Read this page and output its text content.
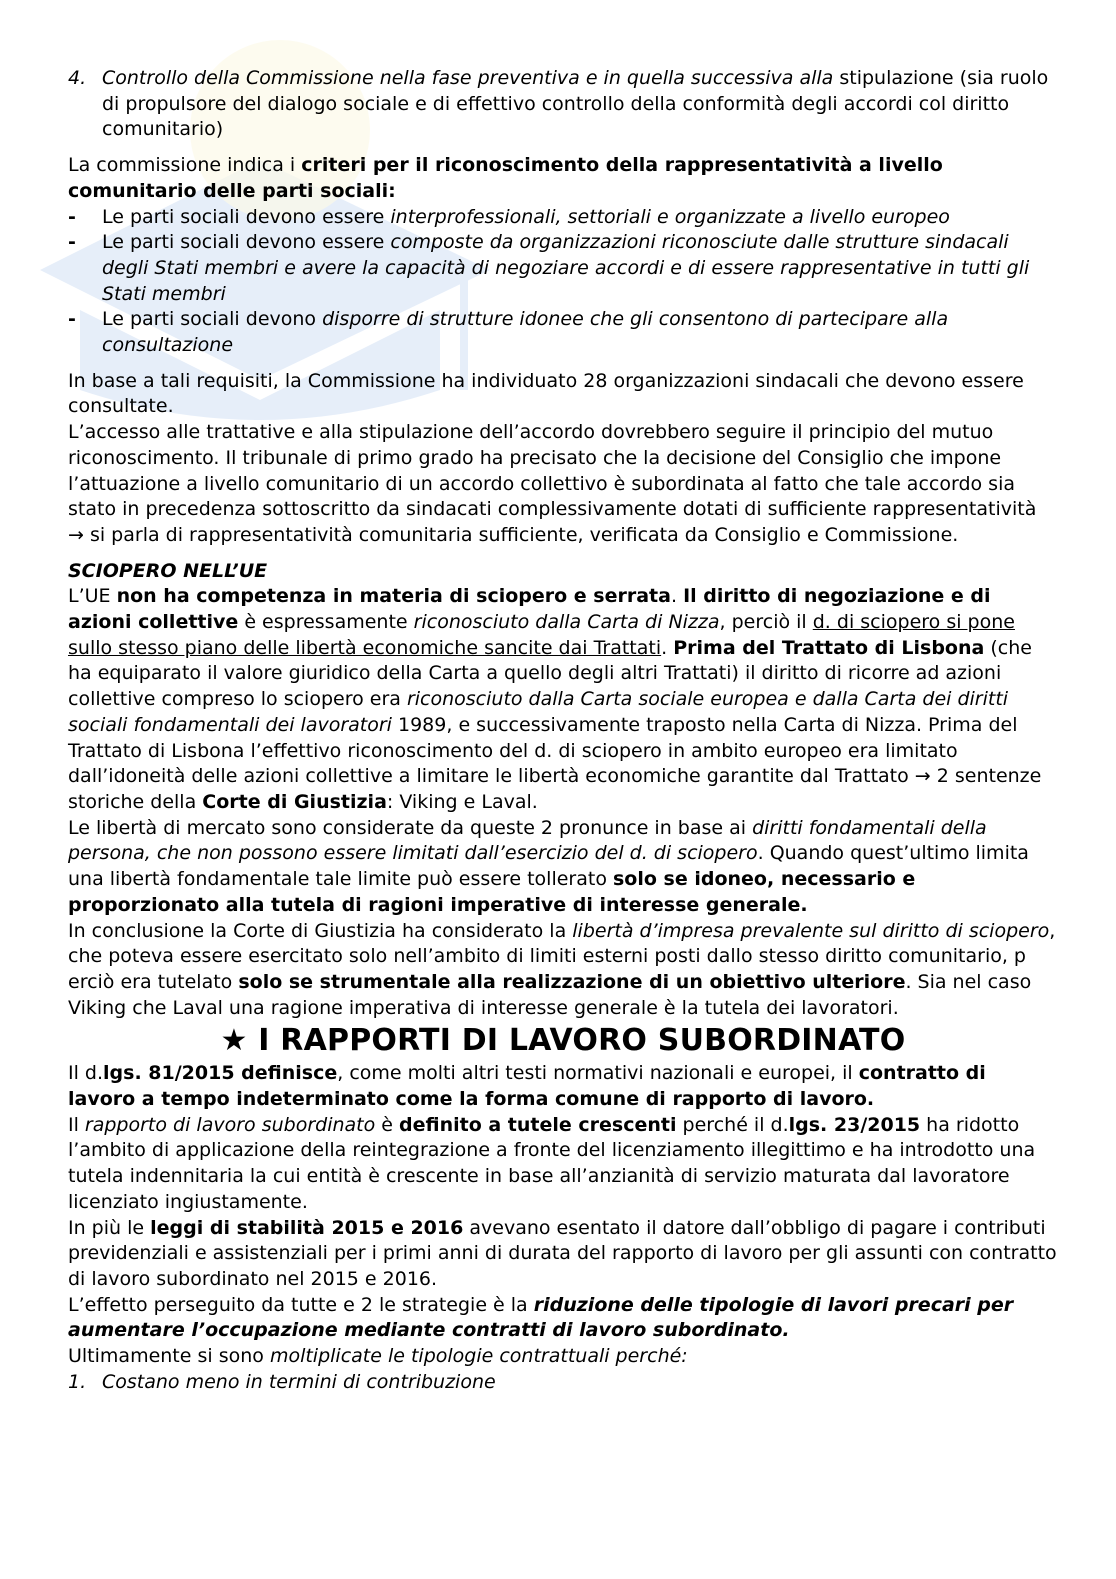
4. Controllo della Commissione nella fase preventiva e in quella successiva alla stipulazione (sia ruolo di propulsore del dialogo sociale e di effettivo controllo della conformità degli accordi col diritto comunitario)

La commissione indica i criteri per il riconoscimento della rappresentatività a livello comunitario delle parti sociali:

-	Le parti sociali devono essere interprofessionali, settoriali e organizzate a livello europeo
-	Le parti sociali devono essere composte da organizzazioni riconosciute dalle strutture sindacali degli Stati membri e avere la capacità di negoziare accordi e di essere rappresentative in tutti gli Stati membri
-	Le parti sociali devono disporre di strutture idonee che gli consentono di partecipare alla consultazione

In base a tali requisiti, la Commissione ha individuato 28 organizzazioni sindacali che devono essere consultate.

L’accesso alle trattative e alla stipulazione dell’accordo dovrebbero seguire il principio del mutuo riconoscimento. Il tribunale di primo grado ha precisato che la decisione del Consiglio che impone l’attuazione a livello comunitario di un accordo collettivo è subordinata al fatto che tale accordo sia stato in precedenza sottoscritto da sindacati complessivamente dotati di sufficiente rappresentatività → si parla di rappresentatività comunitaria sufficiente, verificata da Consiglio e Commissione.

SCIOPERO NELL’UE

L’UE non ha competenza in materia di sciopero e serrata. Il diritto di negoziazione e di azioni collettive è espressamente riconosciuto dalla Carta di Nizza, perciò il d. di sciopero si pone sullo stesso piano delle libertà economiche sancite dai Trattati. Prima del Trattato di Lisbona (che ha equiparato il valore giuridico della Carta a quello degli altri Trattati) il diritto di ricorre ad azioni collettive compreso lo sciopero era riconosciuto dalla Carta sociale europea e dalla Carta dei diritti sociali fondamentali dei lavoratori 1989, e successivamente traposto nella Carta di Nizza. Prima del Trattato di Lisbona l’effettivo riconoscimento del d. di sciopero in ambito europeo era limitato dall’idoneità delle azioni collettive a limitare le libertà economiche garantite dal Trattato → 2 sentenze storiche della Corte di Giustizia: Viking e Laval.

Le libertà di mercato sono considerate da queste 2 pronunce in base ai diritti fondamentali della persona, che non possono essere limitati dall’esercizio del d. di sciopero. Quando quest’ultimo limita una libertà fondamentale tale limite può essere tollerato solo se idoneo, necessario e proporzionato alla tutela di ragioni imperative di interesse generale.

In conclusione la Corte di Giustizia ha considerato la libertà d’impresa prevalente sul diritto di sciopero, che poteva essere esercitato solo nell’ambito di limiti esterni posti dallo stesso diritto comunitario, p erciò era tutelato solo se strumentale alla realizzazione di un obiettivo ulteriore. Sia nel caso Viking che Laval una ragione imperativa di interesse generale è la tutela dei lavoratori.

★ I RAPPORTI DI LAVORO SUBORDINATO

Il d.lgs. 81/2015 definisce, come molti altri testi normativi nazionali e europei, il contratto di lavoro a tempo indeterminato come la forma comune di rapporto di lavoro.

Il rapporto di lavoro subordinato è definito a tutele crescenti perché il d.lgs. 23/2015 ha ridotto l’ambito di applicazione della reintegrazione a fronte del licenziamento illegittimo e ha introdotto una tutela indennitaria la cui entità è crescente in base all’anzianità di servizio maturata dal lavoratore licenziato ingiustamente.

In più le leggi di stabilità 2015 e 2016 avevano esentato il datore dall’obbligo di pagare i contributi previdenziali e assistenziali per i primi anni di durata del rapporto di lavoro per gli assunti con contratto di lavoro subordinato nel 2015 e 2016.

L’effetto perseguito da tutte e 2 le strategie è la riduzione delle tipologie di lavori precari per aumentare l’occupazione mediante contratti di lavoro subordinato.

Ultimamente si sono moltiplicate le tipologie contrattuali perché:

1. Costano meno in termini di contribuzione
